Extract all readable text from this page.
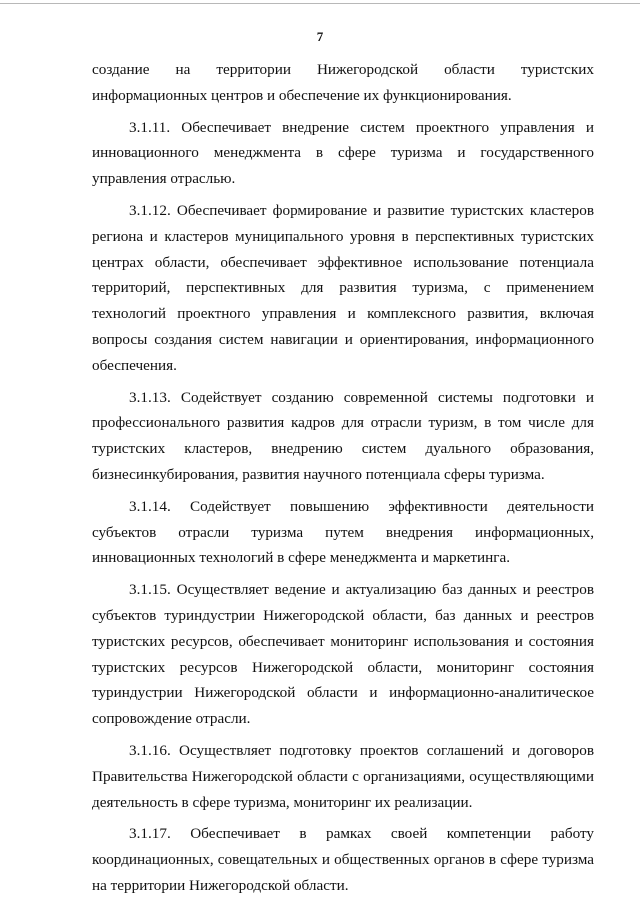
7

создание на территории Нижегородской области туристских информационных центров и обеспечение их функционирования.

3.1.11. Обеспечивает внедрение систем проектного управления и инновационного менеджмента в сфере туризма и государственного управления отраслью.

3.1.12. Обеспечивает формирование и развитие туристских кластеров региона и кластеров муниципального уровня в перспективных туристских центрах области, обеспечивает эффективное использование потенциала территорий, перспективных для развития туризма, с применением технологий проектного управления и комплексного развития, включая вопросы создания систем навигации и ориентирования, информационного обеспечения.

3.1.13. Содействует созданию современной системы подготовки и профессионального развития кадров для отрасли туризм, в том числе для туристских кластеров, внедрению систем дуального образования, бизнесинкубирования, развития научного потенциала сферы туризма.

3.1.14. Содействует повышению эффективности деятельности субъектов отрасли туризма путем внедрения информационных, инновационных технологий в сфере менеджмента и маркетинга.

3.1.15. Осуществляет ведение и актуализацию баз данных и реестров субъектов туриндустрии Нижегородской области, баз данных и реестров туристских ресурсов, обеспечивает мониторинг использования и состояния туристских ресурсов Нижегородской области, мониторинг состояния туриндустрии Нижегородской области и информационно-аналитическое сопровождение отрасли.

3.1.16. Осуществляет подготовку проектов соглашений и договоров Правительства Нижегородской области с организациями, осуществляющими деятельность в сфере туризма, мониторинг их реализации.

3.1.17. Обеспечивает в рамках своей компетенции работу координационных, совещательных и общественных органов в сфере туризма на территории Нижегородской области.
